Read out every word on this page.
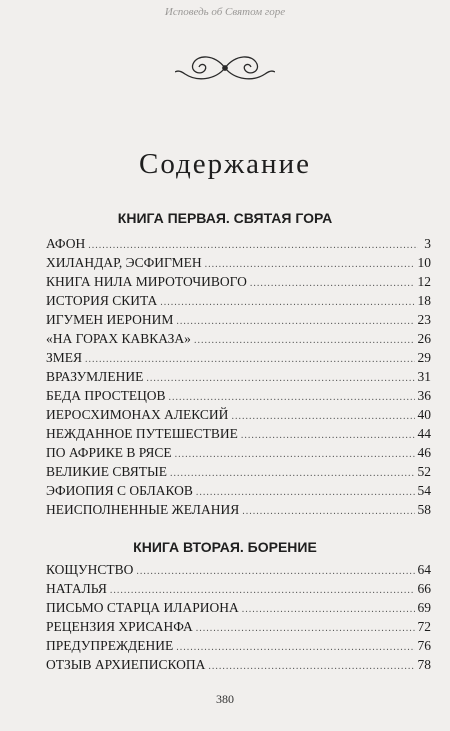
Исповедь об Святом горе
Содержание
КНИГА ПЕРВАЯ. СВЯТАЯ ГОРА
АФОН .....	3
ХИЛАНДАР, ЭСФИГМЕН .....	10
КНИГА НИЛА МИРОТОЧИВОГО .....	12
ИСТОРИЯ СКИТА .....	18
ИГУМЕН ИЕРОНИМ .....	23
«НА ГОРАХ КАВКАЗА» .....	26
ЗМЕЯ .....	29
ВРАЗУМЛЕНИЕ .....	31
БЕДА ПРОСТЕЦОВ .....	36
ИЕРОСХИМОНАХ АЛЕКСИЙ .....	40
НЕЖДАННОЕ ПУТЕШЕСТВИЕ .....	44
ПО АФРИКЕ В РЯСЕ .....	46
ВЕЛИКИЕ СВЯТЫЕ .....	52
ЭФИОПИЯ С ОБЛАКОВ .....	54
НЕИСПОЛНЕННЫЕ ЖЕЛАНИЯ .....	58
КНИГА ВТОРАЯ. БОРЕНИЕ
КОЩУНСТВО .....	64
НАТАЛЬЯ .....	66
ПИСЬМО СТАРЦА ИЛАРИОНА .....	69
РЕЦЕНЗИЯ ХРИСАНФА .....	72
ПРЕДУПРЕЖДЕНИЕ .....	76
ОТЗЫВ АРХИЕПИСКОПА .....	78
380
